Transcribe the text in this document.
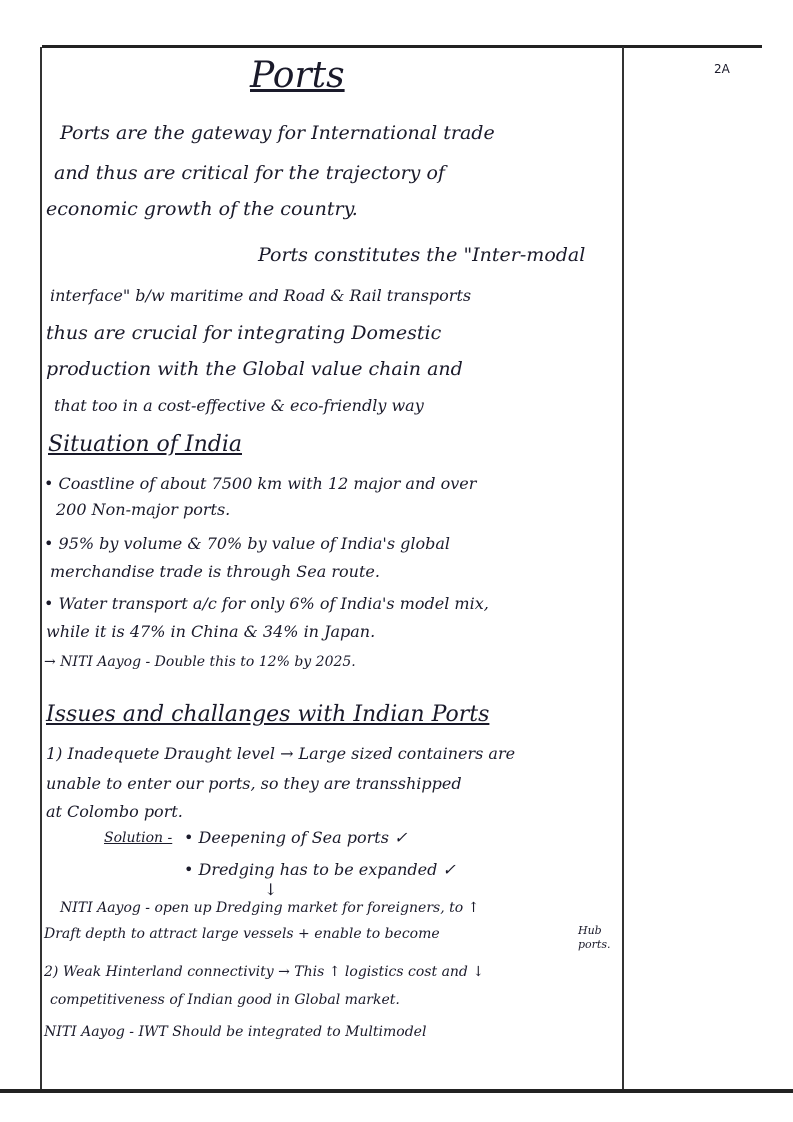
2A
Ports
Ports are the gateway for International trade
and thus are critical for the trajectory of
economic growth of the country.
Ports constitutes the "Inter-modal
interface" b/w maritime and Road & Rail transports
thus are crucial for integrating Domestic
production with the Global value chain and
that too in a cost-effective & eco-friendly way
Situation of India
• Coastline of about 7500 km with 12 major and over
200 Non-major ports.
• 95% by volume & 70% by value of India's global
merchandise trade is through Sea route.
• Water transport a/c for only 6% of India's model mix,
while it is 47% in China & 34% in Japan.
→ NITI Aayog - Double this to 12% by 2025.
Issues and challanges with Indian Ports
1) Inadequete Draught level → Large sized containers are
unable to enter our ports, so they are transshipped
at Colombo port.
Solution - • Deepening of Sea ports ✓
• Dredging has to be expanded ✓
↓
NITI Aayog - open up Dredging market for foreigners, to ↑
Draft depth to attract large vessels + enable to become	Hub
ports.
2) Weak Hinterland connectivity → This ↑ logistics cost and ↓
competitiveness of Indian good in Global market.
NITI Aayog - IWT Should be integrated to Multimodel
